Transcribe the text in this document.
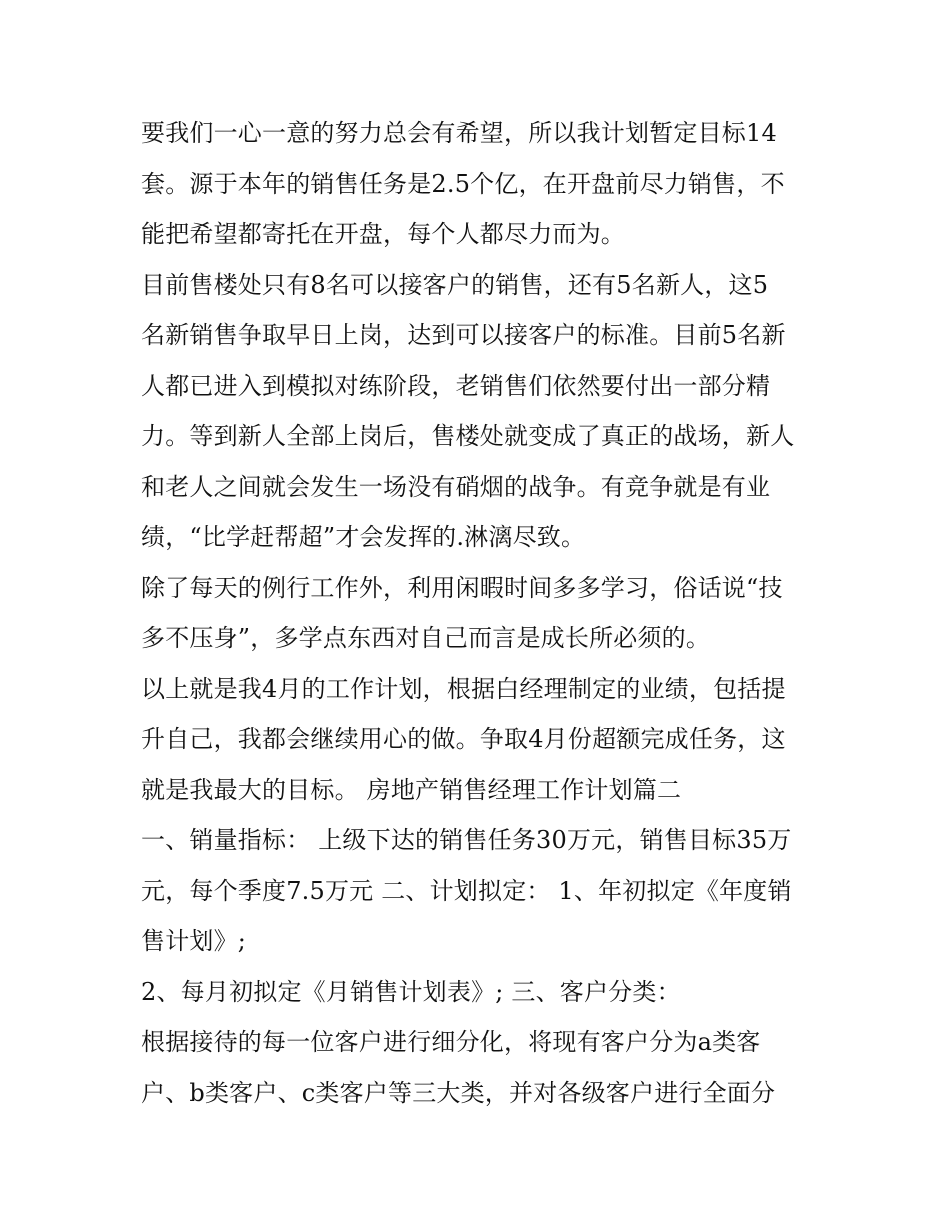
要我们一心一意的努力总会有希望，所以我计划暂定目标14
套。源于本年的销售任务是2.5个亿，在开盘前尽力销售，不
能把希望都寄托在开盘，每个人都尽力而为。
目前售楼处只有8名可以接客户的销售，还有5名新人，这5
名新销售争取早日上岗，达到可以接客户的标准。目前5名新
人都已进入到模拟对练阶段，老销售们依然要付出一部分精
力。等到新人全部上岗后，售楼处就变成了真正的战场，新人
和老人之间就会发生一场没有硝烟的战争。有竞争就是有业
绩，“比学赶帮超”才会发挥的.淋漓尽致。
除了每天的例行工作外，利用闲暇时间多多学习，俗话说“技
多不压身”，多学点东西对自己而言是成长所必须的。
以上就是我4月的工作计划，根据白经理制定的业绩，包括提
升自己，我都会继续用心的做。争取4月份超额完成任务，这
就是我最大的目标。 房地产销售经理工作计划篇二
一、销量指标： 上级下达的销售任务30万元，销售目标35万
元，每个季度7.5万元 二、计划拟定： 1、年初拟定《年度销
售计划》;
2、每月初拟定《月销售计划表》; 三、客户分类：
根据接待的每一位客户进行细分化，将现有客户分为a类客
户、b类客户、c类客户等三大类，并对各级客户进行全面分
